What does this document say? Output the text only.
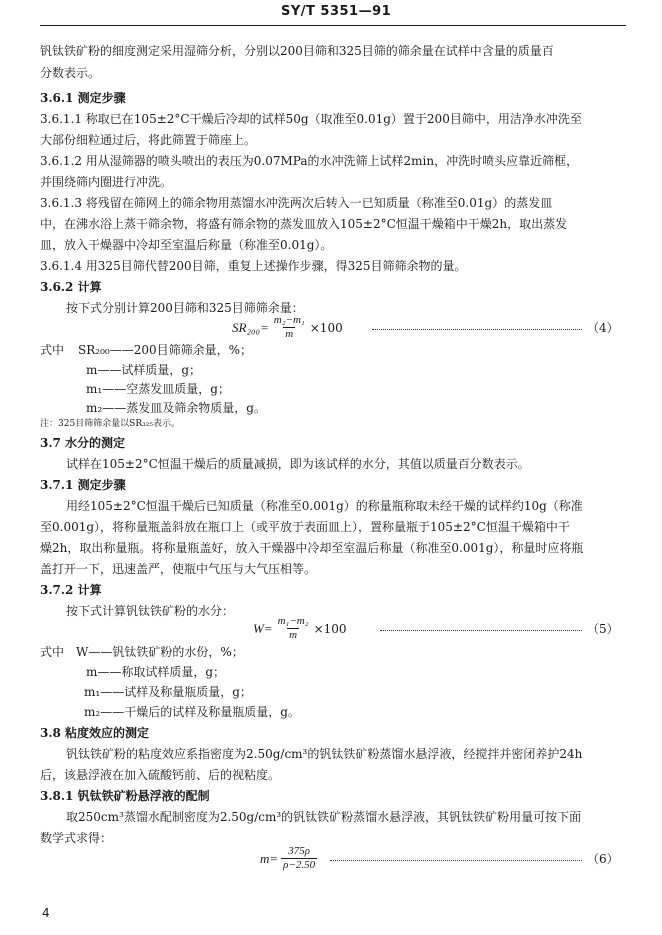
SY/T 5351—91
钒钛铁矿粉的细度测定采用湿筛分析，分别以200目筛和325目筛的筛余量在试样中含量的质量百
分数表示。
3.6.1 测定步骤
3.6.1.1 称取已在105±2°C干燥后冷却的试样50g（取准至0.01g）置于200目筛中，用洁净水冲洗至
大部份细粒通过后，将此筛置于筛座上。
3.6.1.2 用从湿筛器的喷头喷出的表压为0.07MPa的水冲洗筛上试样2min，冲洗时喷头应靠近筛框，
并围绕筛内圈进行冲洗。
3.6.1.3 将残留在筛网上的筛余物用蒸馏水冲洗两次后转入一已知质量（称准至0.01g）的蒸发皿
中，在沸水浴上蒸干筛余物，将盛有筛余物的蒸发皿放入105±2°C恒温干燥箱中干燥2h，取出蒸发
皿，放入干燥器中冷却至室温后称量（称准至0.01g）。
3.6.1.4 用325目筛代替200目筛，重复上述操作步骤，得325目筛筛余物的量。
3.6.2 计算
按下式分别计算200目筛和325目筛筛余量：
$SR_{200}= \frac{\text{m₂−m₁}}{m} \times 100$	（4）
式中 SR₂₀₀——200目筛筛余量，%；
m——试样质量，g；
m₁——空蒸发皿质量，g；
m₂——蒸发皿及筛余物质量，g。
注：325目筛筛余量以SR₃₂₅表示。
3.7 水分的测定
试样在105±2°C恒温干燥后的质量减损，即为该试样的水分，其值以质量百分数表示。
3.7.1 测定步骤
用经105±2°C恒温干燥后已知质量（称准至0.001g）的称量瓶称取未经干燥的试样约10g（称准
至0.001g），将称量瓶盖斜放在瓶口上（或平放于表面皿上），置称量瓶于105±2°C恒温干燥箱中干
燥2h，取出称量瓶。将称量瓶盖好，放入干燥器中冷却至室温后称量（称准至0.001g），称量时应将瓶
盖打开一下，迅速盖严，使瓶中气压与大气压相等。
3.7.2 计算
按下式计算钒钛铁矿粉的水分：
$W= \frac{\text{m₁−m₂}}{m} \times 100$	（5）
式中 W——钒钛铁矿粉的水份，%；
m——称取试样质量，g；
m₁——试样及称量瓶质量，g；
m₂——干燥后的试样及称量瓶质量，g。
3.8 粘度效应的测定
钒钛铁矿粉的粘度效应系指密度为2.50g/cm³的钒钛铁矿粉蒸馏水悬浮液，经搅拌并密闭养护24h
后，该悬浮液在加入硫酸钙前、后的视粘度。
3.8.1 钒钛铁矿粉悬浮液的配制
取250cm³蒸馏水配制密度为2.50g/cm³的钒钛铁矿粉蒸馏水悬浮液，其钒钛铁矿粉用量可按下面
数学式求得：
$m= \frac{375\rho}{\rho-2.50}$	（6）
4
